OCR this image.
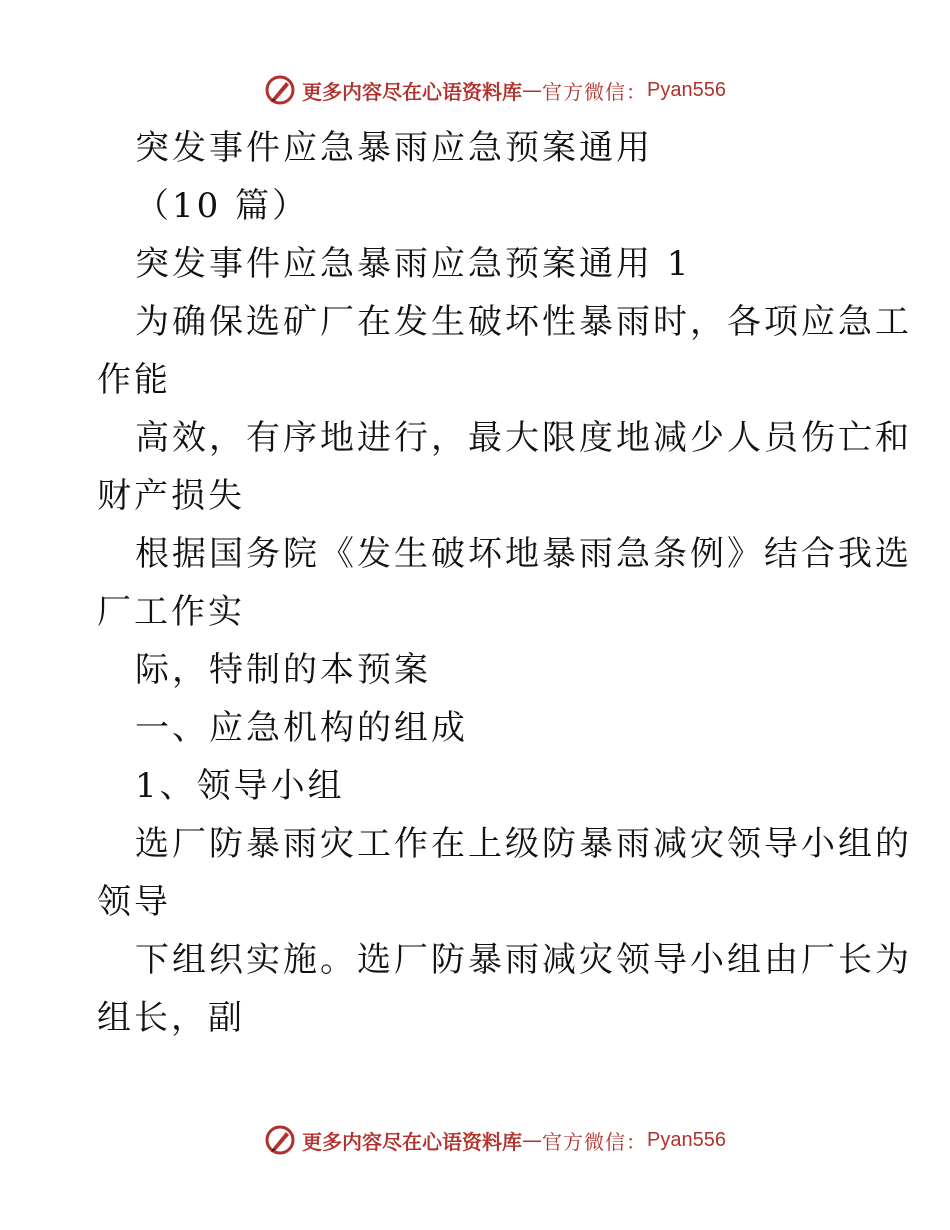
更多内容尽在心语资料库 — 官方微信： Pyan556
突发事件应急暴雨应急预案通用
（10 篇）
突发事件应急暴雨应急预案通用 1
为确保选矿厂在发生破坏性暴雨时，各项应急工
作能
高效，有序地进行，最大限度地减少人员伤亡和
财产损失
根据国务院《发生破坏地暴雨急条例》结合我选
厂工作实
际，特制的本预案
一、应急机构的组成
1、领导小组
选厂防暴雨灾工作在上级防暴雨减灾领导小组的
领导
下组织实施。选厂防暴雨减灾领导小组由厂长为
组长，副
更多内容尽在心语资料库 — 官方微信： Pyan556
